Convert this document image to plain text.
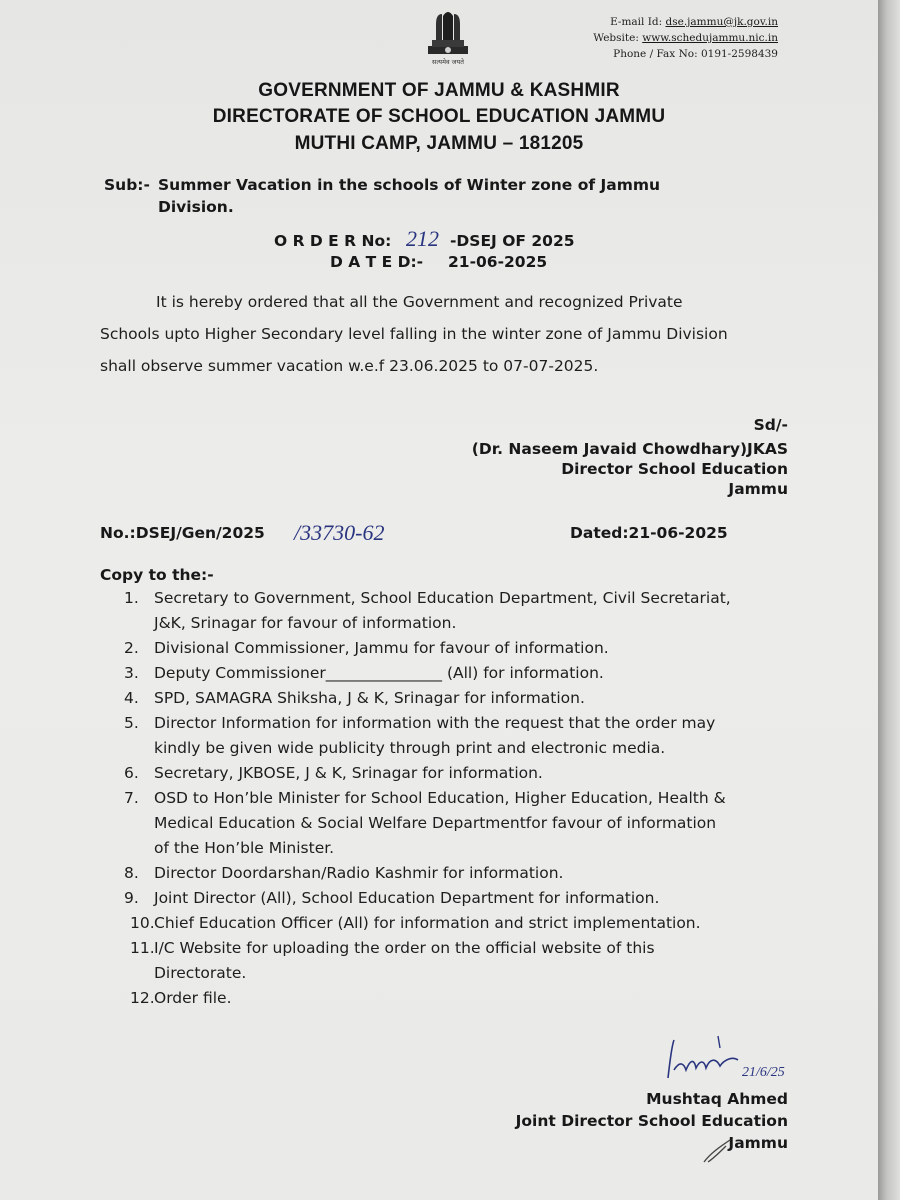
सत्यमेव जयते
E-mail Id: dse.jammu@jk.gov.in
Website: www.schedujammu.nic.in
Phone / Fax No: 0191-2598439
GOVERNMENT OF JAMMU & KASHMIR
DIRECTORATE OF SCHOOL EDUCATION JAMMU
MUTHI CAMP, JAMMU – 181205
Sub:- Summer Vacation in the schools of Winter zone of Jammu
Division.
O R D E R No: 212 -DSEJ OF 2025
D A T E D:- 21-06-2025
It is hereby ordered that all the Government and recognized Private
Schools upto Higher Secondary level falling in the winter zone of Jammu Division
shall observe summer vacation w.e.f 23.06.2025 to 07-07-2025.
Sd/-
(Dr. Naseem Javaid Chowdhary)JKAS
Director School Education
Jammu
No.:DSEJ/Gen/2025 /33730-62	Dated:21-06-2025
Copy to the:-
1. Secretary to Government, School Education Department, Civil Secretariat,
J&K, Srinagar for favour of information.
2. Divisional Commissioner, Jammu for favour of information.
3. Deputy Commissioner_______________ (All) for information.
4. SPD, SAMAGRA Shiksha, J & K, Srinagar for information.
5. Director Information for information with the request that the order may
kindly be given wide publicity through print and electronic media.
6. Secretary, JKBOSE, J & K, Srinagar for information.
7. OSD to Hon’ble Minister for School Education, Higher Education, Health &
Medical Education & Social Welfare Departmentfor favour of information
of the Hon’ble Minister.
8. Director Doordarshan/Radio Kashmir for information.
9. Joint Director (All), School Education Department for information.
10. Chief Education Officer (All) for information and strict implementation.
11. I/C Website for uploading the order on the official website of this
Directorate.
12. Order file.
21/6/25
Mushtaq Ahmed
Joint Director School Education
Jammu
